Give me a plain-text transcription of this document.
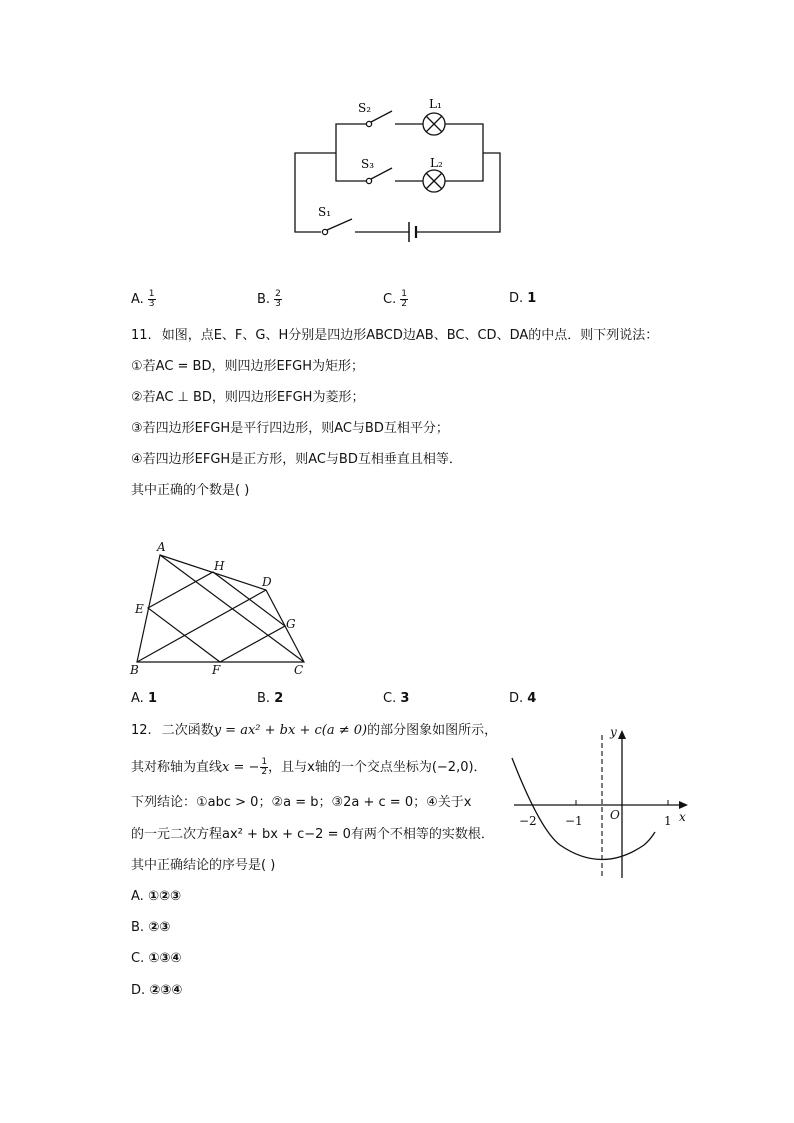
S₂	L₁
S₃	L₂
S₁
A. $\frac{1}{3}$	B. $\frac{2}{3}$	C. $\frac{1}{2}$	D. 1
11. 如图，点E、F、G、H分别是四边形ABCD边AB、BC、CD、DA的中点．则下列说法：
①若AC = BD，则四边形EFGH为矩形；
②若AC ⊥ BD，则四边形EFGH为菱形；
③若四边形EFGH是平行四边形，则AC与BD互相平分；
④若四边形EFGH是正方形，则AC与BD互相垂直且相等．
其中正确的个数是( )
A
H
D
E
G
B	F	C
A. 1	B. 2	C. 3	D. 4
12. 二次函数y = ax² + bx + c(a ≠ 0)的部分图象如图所示，
其对称轴为直线x = − $\frac{1}{2}$ ，且与x轴的一个交点坐标为(−2,0)．
下列结论：①abc > 0；②a = b；③2a + c = 0；④关于x
的一元二次方程ax² + bx + c−2 = 0有两个不相等的实数根．
其中正确结论的序号是( )
y
x
O
−2 −1	1
A. ①②③
B. ②③
C. ①③④
D. ②③④
